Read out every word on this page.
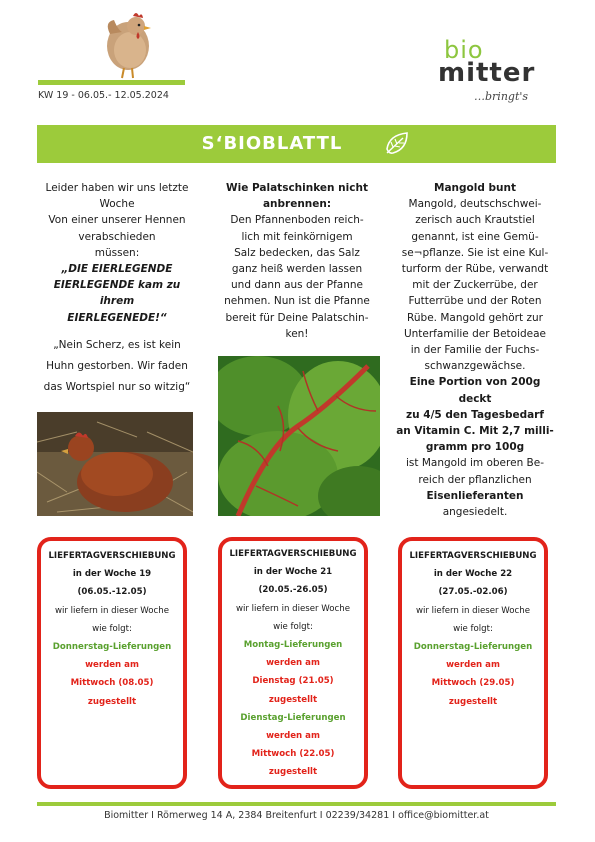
KW 19 - 06.05.- 12.05.2024
bio
mitter
…bringt's
S‘BIOBLATTL
Leider haben wir uns letzte
Woche
Von einer unserer Hennen
verabschieden
müssen:
„DIE EIERLEGENDE
EIERLEGENDE kam zu
ihrem
EIERLEGENEDE!“
„Nein Scherz, es ist kein
Huhn gestorben. Wir faden
das Wortspiel nur so witzig“
Wie Palatschinken nicht
anbrennen:
Den Pfannenboden reich-
lich mit feinkörnigem
Salz bedecken, das Salz
ganz heiß werden lassen
und dann aus der Pfanne
nehmen. Nun ist die Pfanne
bereit für Deine Palatschin-
ken!
Mangold bunt
Mangold, deutschschwei-
zerisch auch Krautstiel
genannt, ist eine Gemü-
se¬pflanze. Sie ist eine Kul-
turform der Rübe, verwandt
mit der Zuckerrübe, der
Futterrübe und der Roten
Rübe. Mangold gehört zur
Unterfamilie der Betoideae
in der Familie der Fuchs-
schwanzgewächse.
Eine Portion von 200g deckt
zu 4/5 den Tagesbedarf
an Vitamin C. Mit 2,7 milli-
gramm pro 100g
ist Mangold im oberen Be-
reich der pflanzlichen
Eisenlieferanten
angesiedelt.
LIEFERTAGVERSCHIEBUNG
in der Woche 19
(06.05.-12.05)
wir liefern in dieser Woche
wie folgt:
Donnerstag-Lieferungen
werden am
Mittwoch (08.05)
zugestellt
LIEFERTAGVERSCHIEBUNG
in der Woche 21
(20.05.-26.05)
wir liefern in dieser Woche
wie folgt:
Montag-Lieferungen
werden am
Dienstag (21.05)
zugestellt
Dienstag-Lieferungen
werden am
Mittwoch (22.05)
zugestellt
LIEFERTAGVERSCHIEBUNG
in der Woche 22
(27.05.-02.06)
wir liefern in dieser Woche
wie folgt:
Donnerstag-Lieferungen
werden am
Mittwoch (29.05)
zugestellt
Biomitter I Römerweg 14 A, 2384 Breitenfurt I 02239/34281 I office@biomitter.at
